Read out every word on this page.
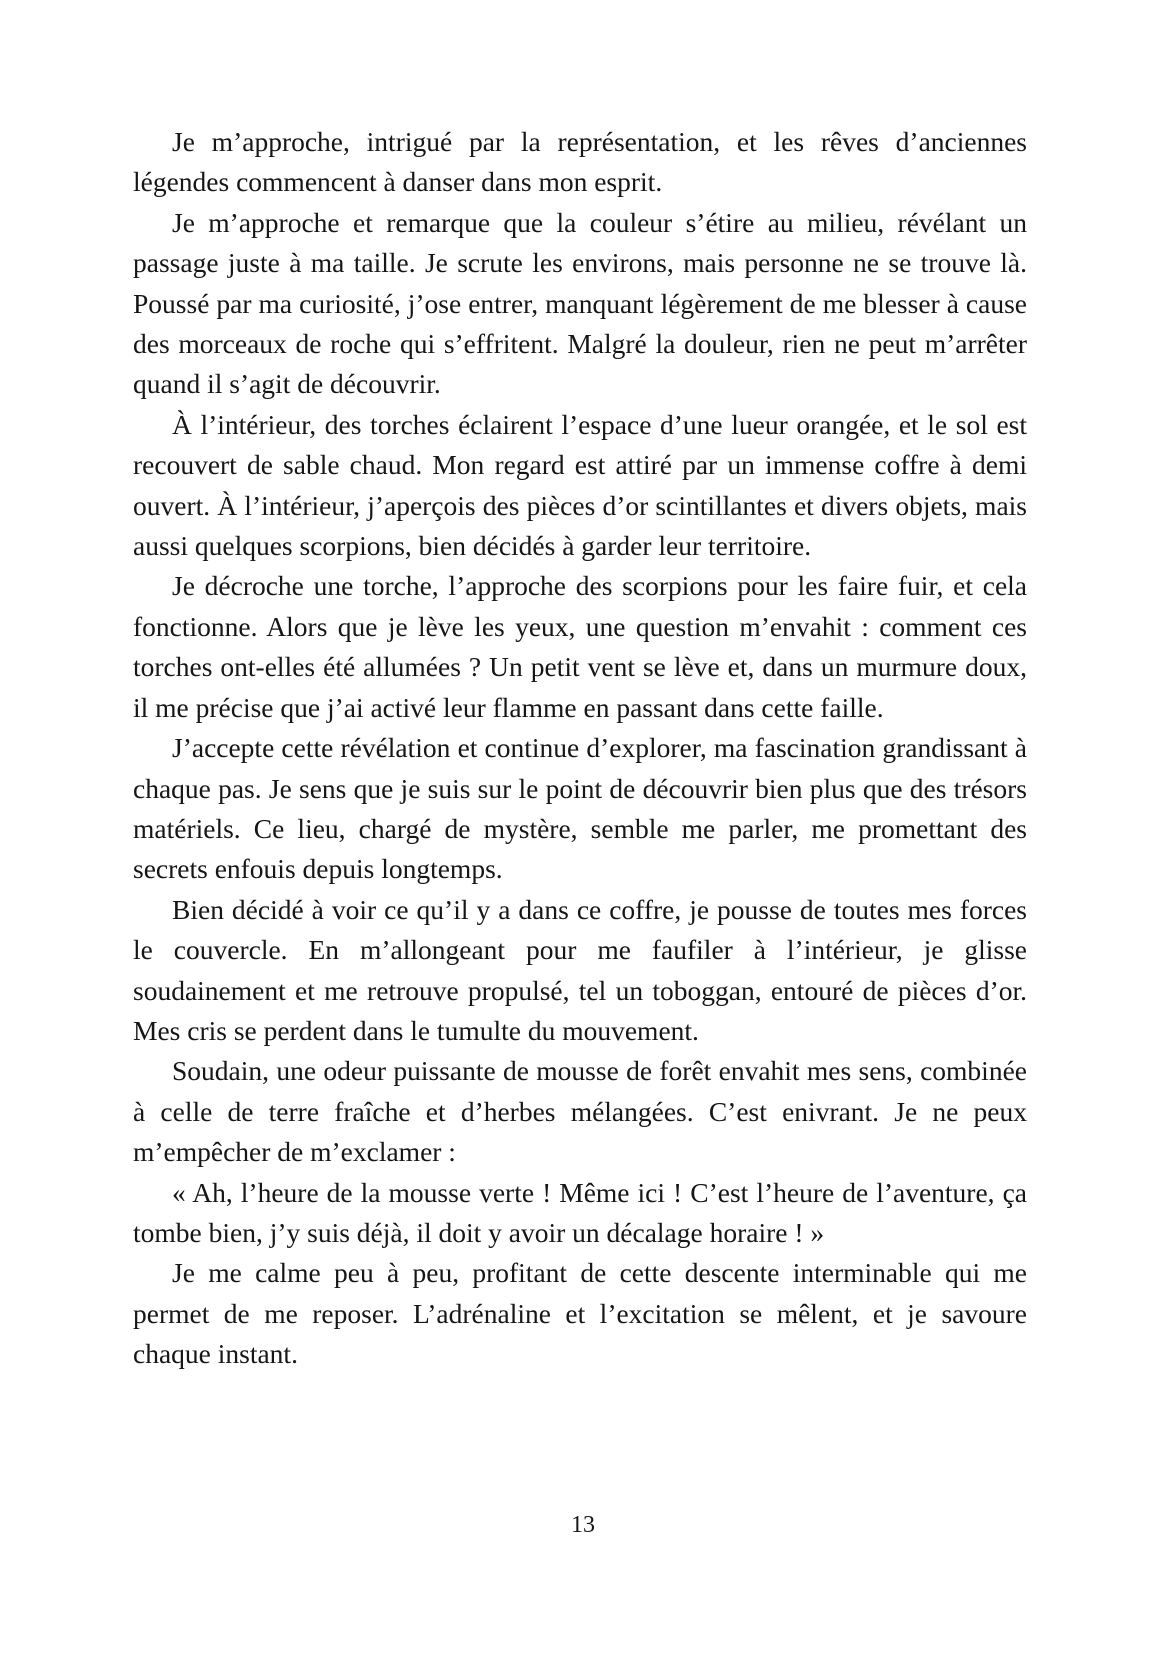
Je m’approche, intrigué par la représentation, et les rêves d’anciennes légendes commencent à danser dans mon esprit.

Je m’approche et remarque que la couleur s’étire au milieu, révélant un passage juste à ma taille. Je scrute les environs, mais personne ne se trouve là. Poussé par ma curiosité, j’ose entrer, manquant légèrement de me blesser à cause des morceaux de roche qui s’effritent. Malgré la douleur, rien ne peut m’arrêter quand il s’agit de découvrir.

À l’intérieur, des torches éclairent l’espace d’une lueur orangée, et le sol est recouvert de sable chaud. Mon regard est attiré par un immense coffre à demi ouvert. À l’intérieur, j’aperçois des pièces d’or scintillantes et divers objets, mais aussi quelques scorpions, bien décidés à garder leur territoire.

Je décroche une torche, l’approche des scorpions pour les faire fuir, et cela fonctionne. Alors que je lève les yeux, une question m’envahit : comment ces torches ont-elles été allumées ? Un petit vent se lève et, dans un murmure doux, il me précise que j’ai activé leur flamme en passant dans cette faille.

J’accepte cette révélation et continue d’explorer, ma fascination grandissant à chaque pas. Je sens que je suis sur le point de découvrir bien plus que des trésors matériels. Ce lieu, chargé de mystère, semble me parler, me promettant des secrets enfouis depuis longtemps.

Bien décidé à voir ce qu’il y a dans ce coffre, je pousse de toutes mes forces le couvercle. En m’allongeant pour me faufiler à l’intérieur, je glisse soudainement et me retrouve propulsé, tel un toboggan, entouré de pièces d’or. Mes cris se perdent dans le tumulte du mouvement.

Soudain, une odeur puissante de mousse de forêt envahit mes sens, combinée à celle de terre fraîche et d’herbes mélangées. C’est enivrant. Je ne peux m’empêcher de m’exclamer :

« Ah, l’heure de la mousse verte ! Même ici ! C’est l’heure de l’aventure, ça tombe bien, j’y suis déjà, il doit y avoir un décalage horaire ! »

Je me calme peu à peu, profitant de cette descente interminable qui me permet de me reposer. L’adrénaline et l’excitation se mêlent, et je savoure chaque instant.

13
